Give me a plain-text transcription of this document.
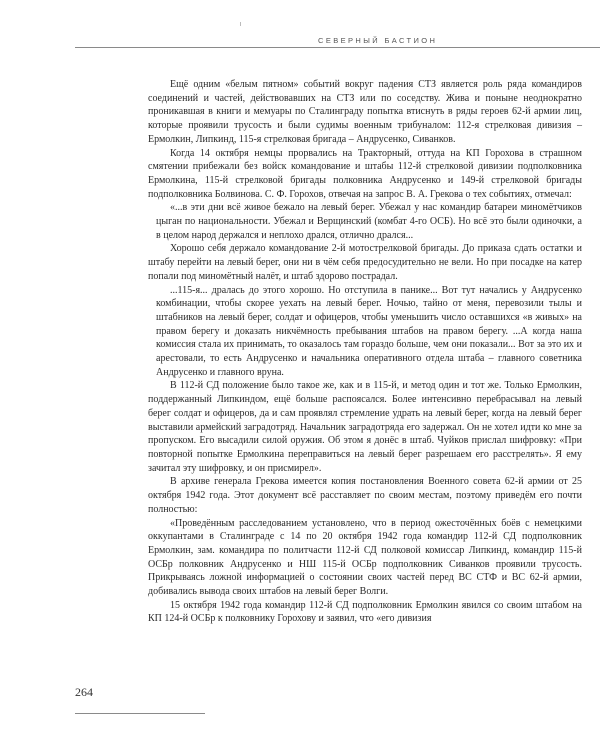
СЕВЕРНЫЙ БАСТИОН

Ещё одним «белым пятном» событий вокруг падения СТЗ является роль ряда командиров соединений и частей, действовавших на СТЗ или по соседству. Жива и поныне неоднократно проникавшая в книги и мемуары по Сталинграду попытка втиснуть в ряды героев 62-й армии лиц, которые проявили трусость и были судимы военным трибуналом: 112-я стрелковая дивизия – Ермолкин, Липкинд, 115-я стрелковая бригада – Андрусенко, Сиванков.

Когда 14 октября немцы прорвались на Тракторный, оттуда на КП Горохова в страшном смятении прибежали без войск командование и штабы 112-й стрелковой дивизии подполковника Ермолкина, 115-й стрелковой бригады полковника Андрусенко и 149-й стрелковой бригады подполковника Болвинова. С. Ф. Горохов, отвечая на запрос В. А. Грекова о тех событиях, отмечал:

«...в эти дни всё живое бежало на левый берег. Убежал у нас командир батареи миномётчиков цыган по национальности. Убежал и Верщинский (комбат 4-го ОСБ). Но всё это были одиночки, а в целом народ держался и неплохо дрался, отлично дрался...

Хорошо себя держало командование 2-й мотострелковой бригады. До приказа сдать остатки и штабу перейти на левый берег, они ни в чём себя предосудительно не вели. Но при посадке на катер попали под миномётный налёт, и штаб здорово пострадал.

...115-я... дралась до этого хорошо. Но отступила в панике... Вот тут начались у Андрусенко комбинации, чтобы скорее уехать на левый берег. Ночью, тайно от меня, перевозили тылы и штабников на левый берег, солдат и офицеров, чтобы уменьшить число оставшихся «в живых» на правом берегу и доказать никчёмность пребывания штабов на правом берегу. ...А когда наша комиссия стала их принимать, то оказалось там гораздо больше, чем они показали... Вот за это их и арестовали, то есть Андрусенко и начальника оперативного отдела штаба – главного советника Андрусенко и главного вруна.

В 112-й СД положение было такое же, как и в 115-й, и метод один и тот же. Только Ермолкин, поддержанный Липкиндом, ещё больше распоясался. Более интенсивно перебрасывал на левый берег солдат и офицеров, да и сам проявлял стремление удрать на левый берег, когда на левый берег выставили армейский заградотряд. Начальник заградотряда его задержал. Он не хотел идти ко мне за пропуском. Его высадили силой оружия. Об этом я донёс в штаб. Чуйков прислал шифровку: «При повторной попытке Ермолкина переправиться на левый берег разрешаем его расстрелять». Я ему зачитал эту шифровку, и он присмирел».

В архиве генерала Грекова имеется копия постановления Военного совета 62-й армии от 25 октября 1942 года. Этот документ всё расставляет по своим местам, поэтому приведём его почти полностью:

«Проведённым расследованием установлено, что в период ожесточённых боёв с немецкими оккупантами в Сталинграде с 14 по 20 октября 1942 года командир 112-й СД подполковник Ермолкин, зам. командира по политчасти 112-й СД полковой комиссар Липкинд, командир 115-й ОСБр полковник Андрусенко и НШ 115-й ОСБр подполковник Сиванков проявили трусость. Прикрываясь ложной информацией о состоянии своих частей перед ВС СТФ и ВС 62-й армии, добивались вывода своих штабов на левый берег Волги.

15 октября 1942 года командир 112-й СД подполковник Ермолкин явился со своим штабом на КП 124-й ОСБр к полковнику Горохову и заявил, что «его дивизия

264
